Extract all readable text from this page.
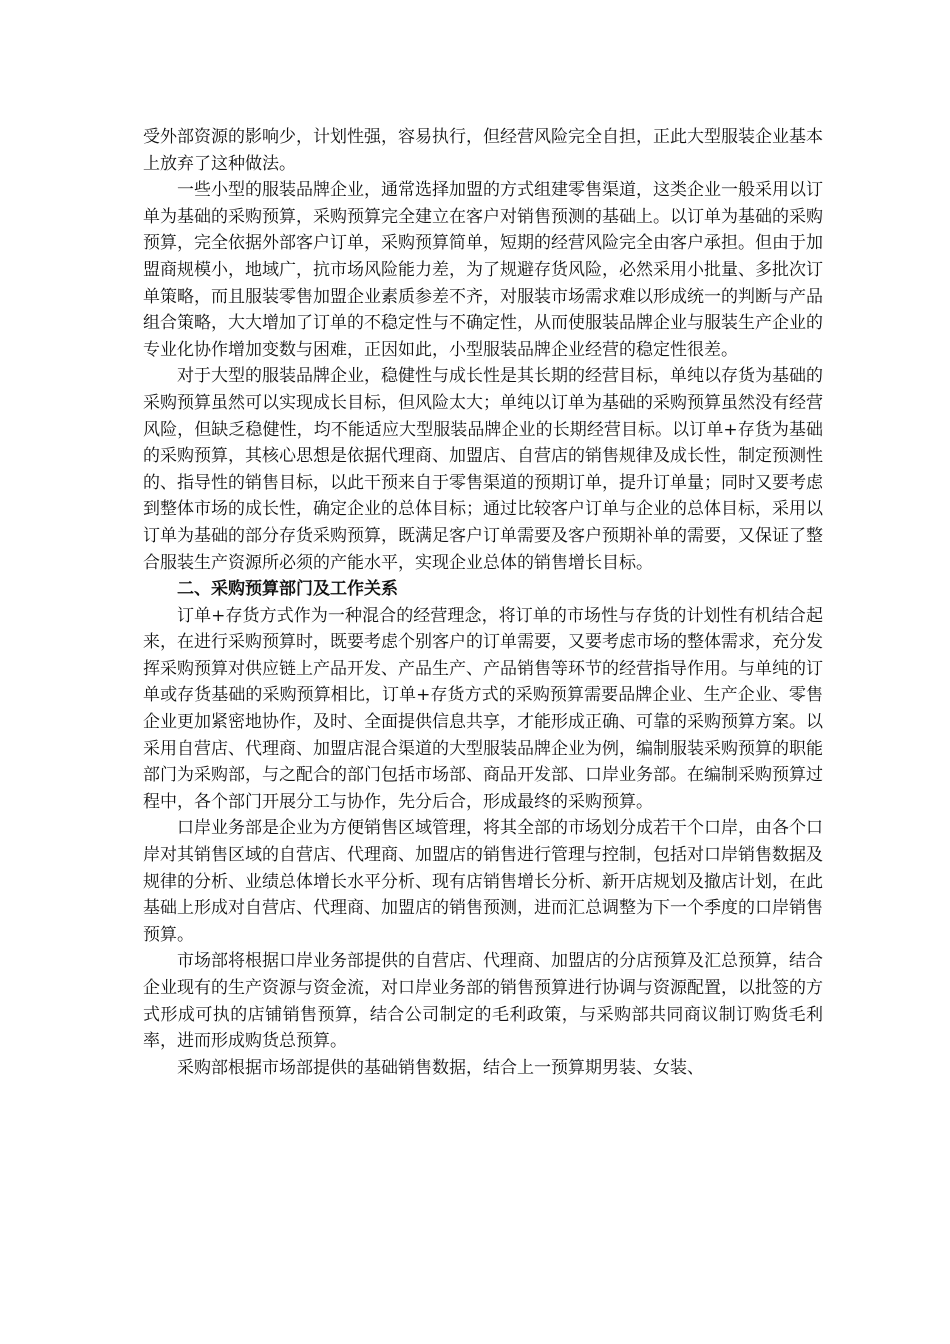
受外部资源的影响少，计划性强，容易执行，但经营风险完全自担，正此大型服装企业基本上放弃了这种做法。

一些小型的服装品牌企业，通常选择加盟的方式组建零售渠道，这类企业一般采用以订单为基础的采购预算，采购预算完全建立在客户对销售预测的基础上。以订单为基础的采购预算，完全依据外部客户订单，采购预算简单，短期的经营风险完全由客户承担。但由于加盟商规模小，地域广，抗市场风险能力差，为了规避存货风险，必然采用小批量、多批次订单策略，而且服装零售加盟企业素质参差不齐，对服装市场需求难以形成统一的判断与产品组合策略，大大增加了订单的不稳定性与不确定性，从而使服装品牌企业与服装生产企业的专业化协作增加变数与困难，正因如此，小型服装品牌企业经营的稳定性很差。

对于大型的服装品牌企业，稳健性与成长性是其长期的经营目标，单纯以存货为基础的采购预算虽然可以实现成长目标，但风险太大；单纯以订单为基础的采购预算虽然没有经营风险，但缺乏稳健性，均不能适应大型服装品牌企业的长期经营目标。以订单+存货为基础的采购预算，其核心思想是依据代理商、加盟店、自营店的销售规律及成长性，制定预测性的、指导性的销售目标，以此干预来自于零售渠道的预期订单，提升订单量；同时又要考虑到整体市场的成长性，确定企业的总体目标；通过比较客户订单与企业的总体目标，采用以订单为基础的部分存货采购预算，既满足客户订单需要及客户预期补单的需要，又保证了整合服装生产资源所必须的产能水平，实现企业总体的销售增长目标。

二、采购预算部门及工作关系

订单+存货方式作为一种混合的经营理念，将订单的市场性与存货的计划性有机结合起来，在进行采购预算时，既要考虑个别客户的订单需要，又要考虑市场的整体需求，充分发挥采购预算对供应链上产品开发、产品生产、产品销售等环节的经营指导作用。与单纯的订单或存货基础的采购预算相比，订单+存货方式的采购预算需要品牌企业、生产企业、零售企业更加紧密地协作，及时、全面提供信息共享，才能形成正确、可靠的采购预算方案。以采用自营店、代理商、加盟店混合渠道的大型服装品牌企业为例，编制服装采购预算的职能部门为采购部，与之配合的部门包括市场部、商品开发部、口岸业务部。在编制采购预算过程中，各个部门开展分工与协作，先分后合，形成最终的采购预算。

口岸业务部是企业为方便销售区域管理，将其全部的市场划分成若干个口岸，由各个口岸对其销售区域的自营店、代理商、加盟店的销售进行管理与控制，包括对口岸销售数据及规律的分析、业绩总体增长水平分析、现有店销售增长分析、新开店规划及撤店计划，在此基础上形成对自营店、代理商、加盟店的销售预测，进而汇总调整为下一个季度的口岸销售预算。

市场部将根据口岸业务部提供的自营店、代理商、加盟店的分店预算及汇总预算，结合企业现有的生产资源与资金流，对口岸业务部的销售预算进行协调与资源配置，以批签的方式形成可执的店铺销售预算，结合公司制定的毛利政策，与采购部共同商议制订购货毛利率，进而形成购货总预算。

采购部根据市场部提供的基础销售数据，结合上一预算期男装、女装、
